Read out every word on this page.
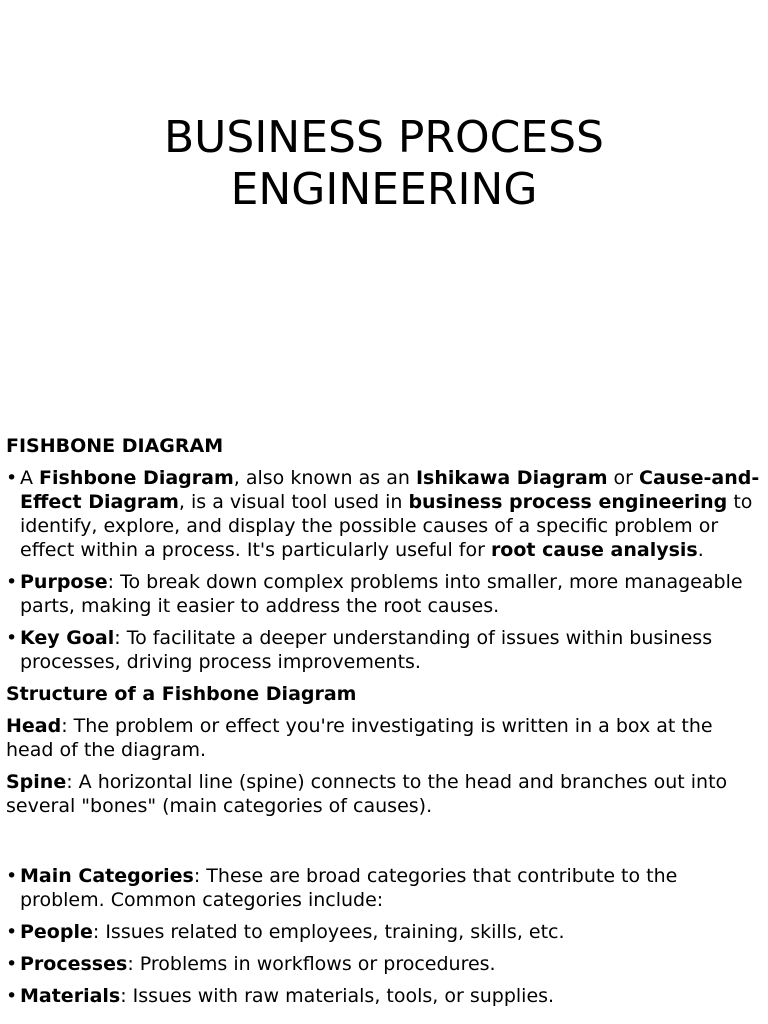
BUSINESS PROCESS
ENGINEERING
FISHBONE DIAGRAM
• A Fishbone Diagram, also known as an Ishikawa Diagram or Cause-and-Effect Diagram, is a visual tool used in business process engineering to identify, explore, and display the possible causes of a specific problem or effect within a process. It's particularly useful for root cause analysis.
• Purpose: To break down complex problems into smaller, more manageable parts, making it easier to address the root causes.
• Key Goal: To facilitate a deeper understanding of issues within business processes, driving process improvements.
Structure of a Fishbone Diagram
Head: The problem or effect you're investigating is written in a box at the head of the diagram.
Spine: A horizontal line (spine) connects to the head and branches out into several "bones" (main categories of causes).
• Main Categories: These are broad categories that contribute to the problem. Common categories include:
• People: Issues related to employees, training, skills, etc.
• Processes: Problems in workflows or procedures.
• Materials: Issues with raw materials, tools, or supplies.
